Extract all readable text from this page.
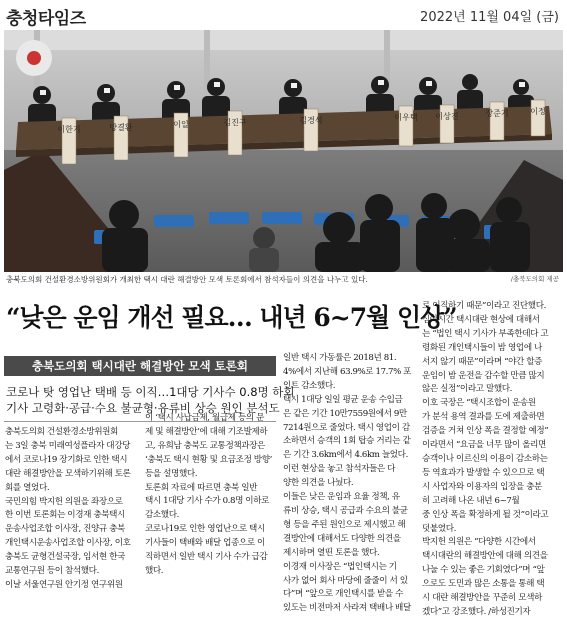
충청타임즈	2022년 11월 04일 (금)
이한기	방결환	이일	김진구	김경석	이우택 이상진	장준기	이정
충북도의회 건설환경소방위원회가 개최한 택시 대란 해결방안 모색 토론회에서 참석자들이 의견을 나누고 있다.	/충북도의회 제공
“낮은 운임 개선 필요… 내년 6~7월 인상”
충북도의회 택시대란 해결방안 모색 토론회
코로나 탓 영업난 택배 등 이직…1대당 기사수 0.8명 하회
기사 고령화‧공급‧수요 불균형‧유류비 상승 원인 분석도
충북도의회 건설환경소방위원회
는 3일 충북 미래여성플라자 대강당
에서 코로나19 장기화로 인한 택시
대란 해결방안을 모색하기위해 토론
회를 열었다.
국민의힘 박지헌 의원을 좌장으로
한 이번 토론회는 이경재 충북택시
운송사업조합 이사장, 진양규 충북
개인택시운송사업조합 이사장, 이호
충북도 균형건설국장, 임서현 한국
교통연구원 등이 참석했다.
이날 서울연구원 안기정 연구위원
이 ‘택시 사납금제, 월급제 등의 문
제 및 해결방안’에 대해 기조발제하
고, 유희남 충북도 교통정책과장은
‘충북도 택시 현황 및 요금조정 방향’
등을 설명했다.
토론회 자료에 따르면 충북 일반
택시 1대당 기사 수가 0.8명 이하로
감소했다.
코로나19로 인한 영업난으로 택시
기사들이 택배와 배달 업종으로 이
직하면서 일반 택시 기사 수가 급감
했다.
일반 택시 가동률은 2018년 81.
4%에서 지난해 63.9%로 17.7% 포
인트 감소했다.
택시 1대당 일일 평균 운송 수입금
은 같은 기간 10만7559원에서 9만
7214원으로 줄었다. 택시 영업이 감
소하면서 승객의 1회 탑승 거리는 같
은 기간 3.6km에서 4.6km 늘었다.
이런 현상을 놓고 참석자들은 다
양한 의견을 나눴다.
이들은 낮은 운임과 요율 정책, 유
류비 상승, 택시 공급과 수요의 불균
형 등을 주된 원인으로 제시했고 해
결방안에 대해서도 다양한 의견을
제시하며 열띤 토론을 했다.
이경재 이사장은 “법인택시는 기
사가 없어 회사 마당에 줄줄이 서 있
다”며 “앞으로 개인택시를 받을 수
있도는 비전마저 사라져 택배나 배달
로 이직하기 때문”이라고 진단했다.
심야시간 택시대란 현상에 대해서
는 “법인 택시 기사가 부족한데다 고
령화된 개인택시들이 밤 영업에 나
서지 않기 때문”이라며 “야간 할증
운임이 밤 운전을 감수할 만큼 많지
않은 실정”이라고 말했다.
이호 국장은 “택시조합이 운송원
가 분석 용역 결과를 도에 제출하면
검증을 거쳐 인상 폭을 결정할 예정”
이라면서 “요금을 너무 많이 올리면
승객이나 이르신의 이용이 감소하는
등 역효과가 발생할 수 있으므로 택
시 사업자와 이용자의 입장을 충분
히 고려해 나온 내년 6~7월
중 인상 폭을 확정하게 될 것”이라고
덧붙였다.
박지헌 의원은 “다양한 시간에서
택시대란의 해결방안에 대해 의견을
나눌 수 있는 좋은 기회였다”며 “앞
으로도 도민과 많은 소통을 통해 택
시 대란 해결방안을 꾸준히 모색하
겠다”고 강조했다. /하성진기자
